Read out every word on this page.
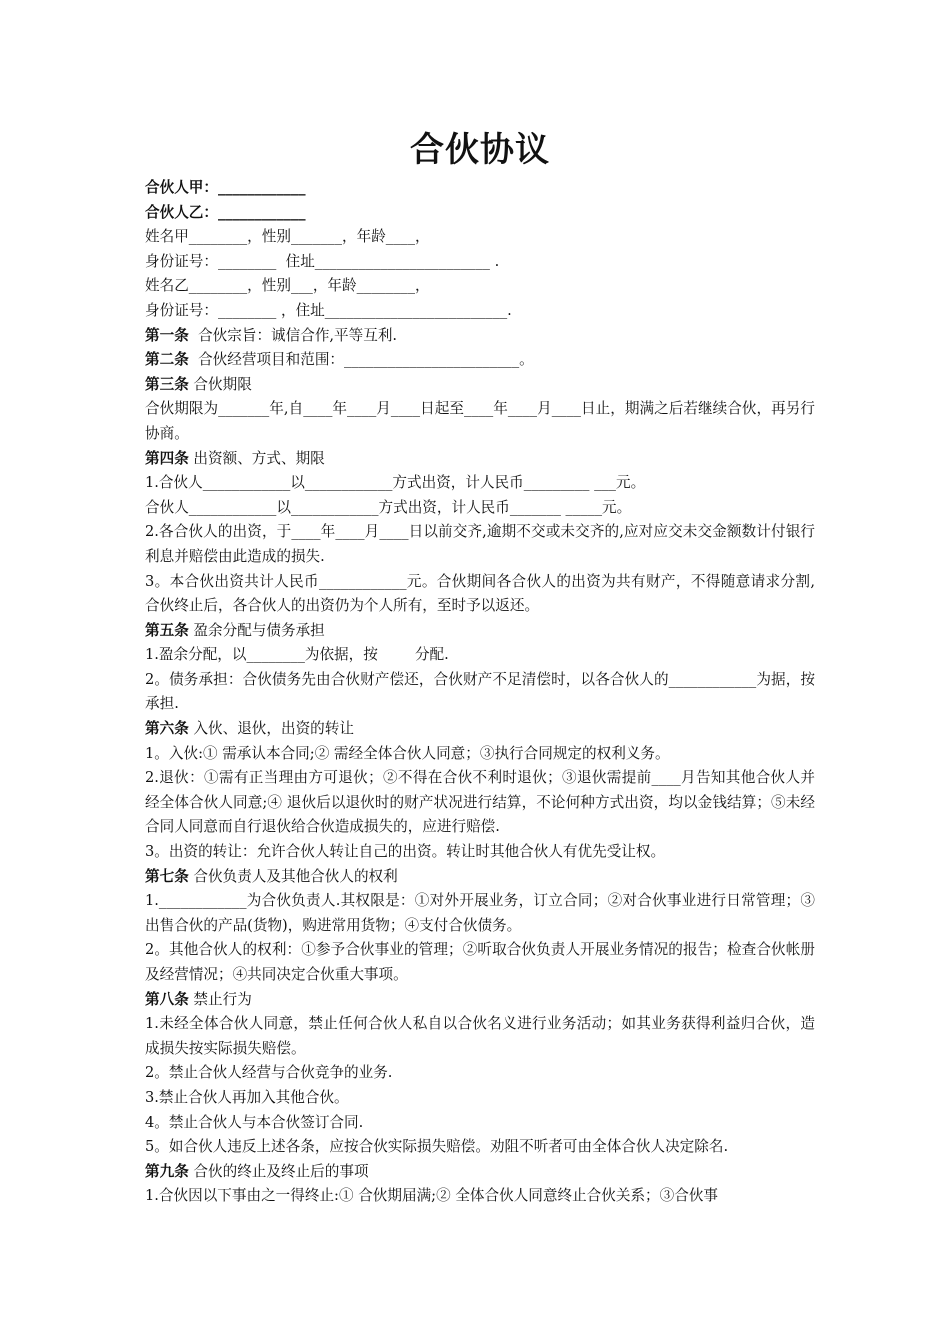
合伙协议
合伙人甲：____________
合伙人乙：____________
姓名甲________，性别_______，年龄____，
身份证号：________  住址________________________ .
姓名乙________，性别___，年龄________，
身份证号：________ ，住址_________________________.
第一条  合伙宗旨：诚信合作,平等互利.
第二条  合伙经营项目和范围：________________________。
第三条 合伙期限
合伙期限为_______年,自____年____月____日起至____年____月____日止，期满之后若继续合伙，再另行协商。
第四条 出资额、方式、期限
1.合伙人____________以____________方式出资，计人民币_________ ___元。
合伙人____________以____________方式出资，计人民币_______ _____元。
2.各合伙人的出资，于____年____月____日以前交齐,逾期不交或未交齐的,应对应交未交金额数计付银行利息并赔偿由此造成的损失.
3。本合伙出资共计人民币____________元。合伙期间各合伙人的出资为共有财产，不得随意请求分割,合伙终止后，各合伙人的出资仍为个人所有，至时予以返还。
第五条 盈余分配与债务承担
1.盈余分配，以________为依据，按        分配.
2。债务承担：合伙债务先由合伙财产偿还，合伙财产不足清偿时，以各合伙人的____________为据，按        承担.
第六条 入伙、退伙，出资的转让
1。入伙:① 需承认本合同;② 需经全体合伙人同意；③执行合同规定的权利义务。
2.退伙：①需有正当理由方可退伙；②不得在合伙不利时退伙；③退伙需提前____月告知其他合伙人并经全体合伙人同意;④ 退伙后以退伙时的财产状况进行结算，不论何种方式出资，均以金钱结算；⑤未经合同人同意而自行退伙给合伙造成损失的，应进行赔偿.
3。出资的转让：允许合伙人转让自己的出资。转让时其他合伙人有优先受让权。
第七条 合伙负责人及其他合伙人的权利
1.____________为合伙负责人.其权限是：①对外开展业务，订立合同；②对合伙事业进行日常管理；③出售合伙的产品(货物)，购进常用货物；④支付合伙债务。
2。其他合伙人的权利：①参予合伙事业的管理；②听取合伙负责人开展业务情况的报告；检查合伙帐册及经营情况；④共同决定合伙重大事项。
第八条 禁止行为
1.未经全体合伙人同意，禁止任何合伙人私自以合伙名义进行业务活动；如其业务获得利益归合伙，造成损失按实际损失赔偿。
2。禁止合伙人经营与合伙竞争的业务.
3.禁止合伙人再加入其他合伙。
4。禁止合伙人与本合伙签订合同.
5。如合伙人违反上述各条，应按合伙实际损失赔偿。劝阻不听者可由全体合伙人决定除名.
第九条 合伙的终止及终止后的事项
1.合伙因以下事由之一得终止:① 合伙期届满;② 全体合伙人同意终止合伙关系；③合伙事
